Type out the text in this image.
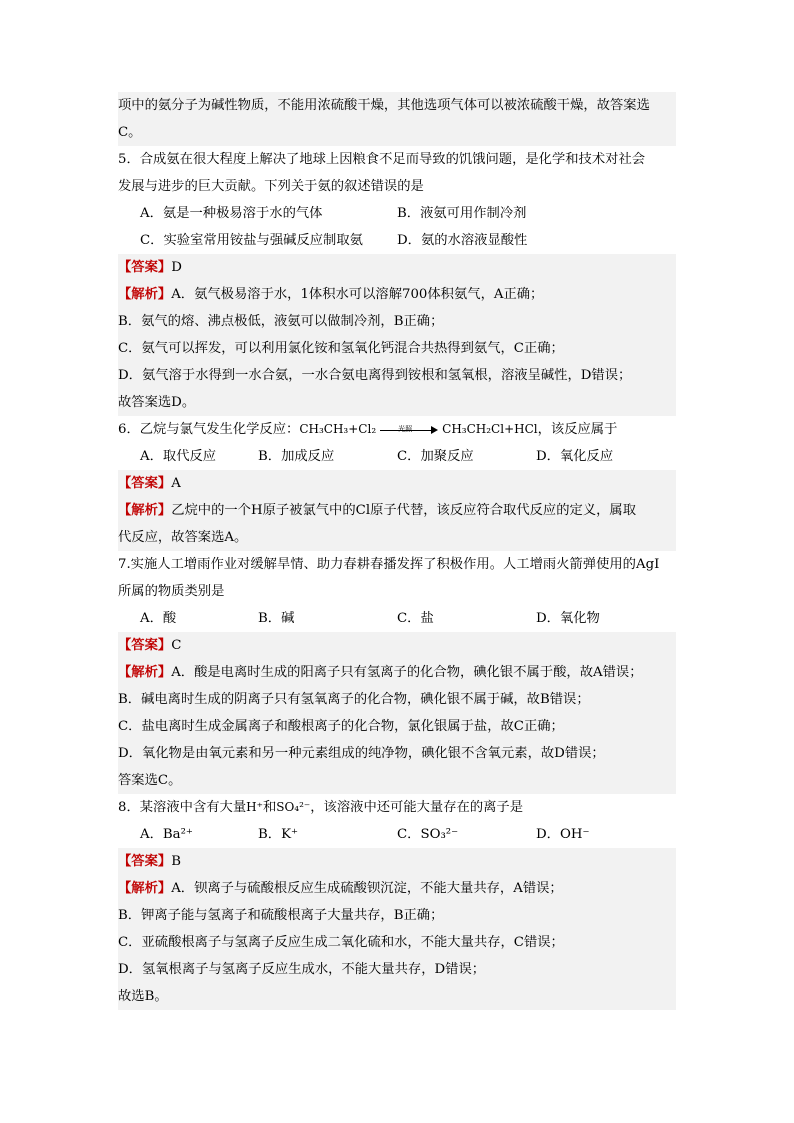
项中的氨分子为碱性物质，不能用浓硫酸干燥，其他选项气体可以被浓硫酸干燥，故答案选
C。
5．合成氨在很大程度上解决了地球上因粮食不足而导致的饥饿问题，是化学和技术对社会
发展与进步的巨大贡献。下列关于氨的叙述错误的是
A．氨是一种极易溶于水的气体	B．液氨可用作制冷剂
C．实验室常用铵盐与强碱反应制取氨	D．氨的水溶液显酸性
【答案】D
【解析】A．氨气极易溶于水，1体积水可以溶解700体积氨气，A正确；
B．氨气的熔、沸点极低，液氨可以做制冷剂，B正确；
C．氨气可以挥发，可以利用氯化铵和氢氧化钙混合共热得到氨气，C正确；
D．氨气溶于水得到一水合氨，一水合氨电离得到铵根和氢氧根，溶液呈碱性，D错误；
故答案选D。
6．乙烷与氯气发生化学反应：CH₃CH₃+Cl₂	光照	CH₃CH₂Cl+HCl，该反应属于
A．取代反应	B．加成反应	C．加聚反应	D．氧化反应
【答案】A
【解析】乙烷中的一个H原子被氯气中的Cl原子代替，该反应符合取代反应的定义，属取
代反应，故答案选A。
7.实施人工增雨作业对缓解旱情、助力春耕春播发挥了积极作用。人工增雨火箭弹使用的AgI
所属的物质类别是
A．酸	B．碱	C．盐	D．氧化物
【答案】C
【解析】A．酸是电离时生成的阳离子只有氢离子的化合物，碘化银不属于酸，故A错误；
B．碱电离时生成的阴离子只有氢氧离子的化合物，碘化银不属于碱，故B错误；
C．盐电离时生成金属离子和酸根离子的化合物，氯化银属于盐，故C正确；
D．氧化物是由氧元素和另一种元素组成的纯净物，碘化银不含氧元素，故D错误；
答案选C。
8．某溶液中含有大量H⁺和SO₄²⁻，该溶液中还可能大量存在的离子是
A．Ba²⁺	B．K⁺	C．SO₃²⁻	D．OH⁻
【答案】B
【解析】A．钡离子与硫酸根反应生成硫酸钡沉淀，不能大量共存，A错误；
B．钾离子能与氢离子和硫酸根离子大量共存，B正确；
C．亚硫酸根离子与氢离子反应生成二氧化硫和水，不能大量共存，C错误；
D．氢氧根离子与氢离子反应生成水，不能大量共存，D错误；
故选B。
